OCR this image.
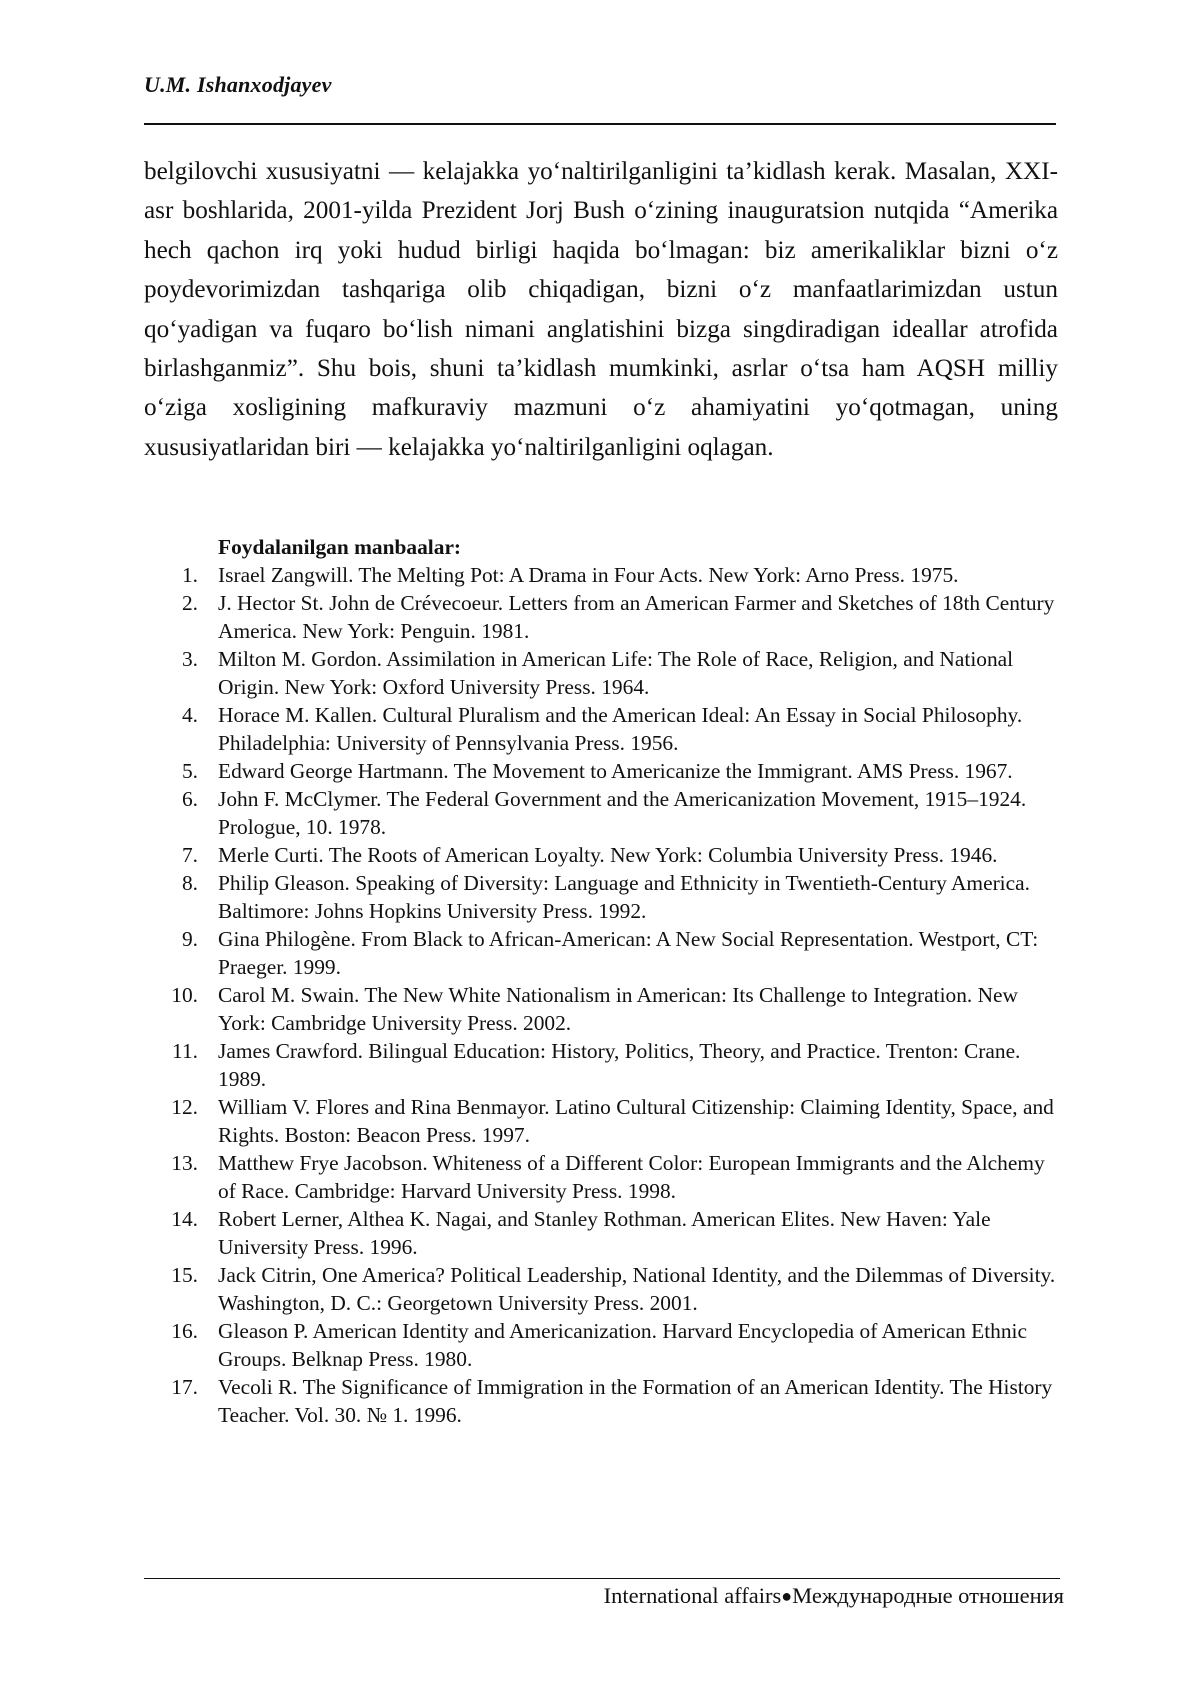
U.M. Ishanxodjayev

belgilovchi xususiyatni — kelajakka yo‘naltirilganligini ta’kidlash kerak. Masalan, XXI-asr boshlarida, 2001-yilda Prezident Jorj Bush o‘zining inauguratsion nutqida “Amerika hech qachon irq yoki hudud birligi haqida bo‘lmagan: biz amerikaliklar bizni o‘z poydevorimizdan tashqariga olib chiqadigan, bizni o‘z manfaatlarimizdan ustun qo‘yadigan va fuqaro bo‘lish nimani anglatishini bizga singdiradigan ideallar atrofida birlashganmiz”. Shu bois, shuni ta’kidlash mumkinki, asrlar o‘tsa ham AQSH milliy o‘ziga xosligining mafkuraviy mazmuni o‘z ahamiyatini yo‘qotmagan, uning xususiyatlaridan biri — kelajakka yo‘naltirilganligini oqlagan.

Foydalanilgan manbaalar:
1. Israel Zangwill. The Melting Pot: A Drama in Four Acts. New York: Arno Press. 1975.
2. J. Hector St. John de Crévecoeur. Letters from an American Farmer and Sketches of 18th Century America. New York: Penguin. 1981.
3. Milton M. Gordon. Assimilation in American Life: The Role of Race, Religion, and National Origin. New York: Oxford University Press. 1964.
4. Horace M. Kallen. Cultural Pluralism and the American Ideal: An Essay in Social Philosophy. Philadelphia: University of Pennsylvania Press. 1956.
5. Edward George Hartmann. The Movement to Americanize the Immigrant. AMS Press. 1967.
6. John F. McClymer. The Federal Government and the Americanization Movement, 1915–1924. Prologue, 10. 1978.
7. Merle Curti. The Roots of American Loyalty. New York: Columbia University Press. 1946.
8. Philip Gleason. Speaking of Diversity: Language and Ethnicity in Twentieth-Century America. Baltimore: Johns Hopkins University Press. 1992.
9. Gina Philogène. From Black to African-American: A New Social Representation. Westport, CT: Praeger. 1999.
10. Carol M. Swain. The New White Nationalism in American: Its Challenge to Integration. New York: Cambridge University Press. 2002.
11. James Crawford. Bilingual Education: History, Politics, Theory, and Practice. Trenton: Crane. 1989.
12. William V. Flores and Rina Benmayor. Latino Cultural Citizenship: Claiming Identity, Space, and Rights. Boston: Beacon Press. 1997.
13. Matthew Frye Jacobson. Whiteness of a Different Color: European Immigrants and the Alchemy of Race. Cambridge: Harvard University Press. 1998.
14. Robert Lerner, Althea K. Nagai, and Stanley Rothman. American Elites. New Haven: Yale University Press. 1996.
15. Jack Citrin, One America? Political Leadership, National Identity, and the Dilemmas of Diversity. Washington, D. C.: Georgetown University Press. 2001.
16. Gleason P. American Identity and Americanization. Harvard Encyclopedia of American Ethnic Groups. Belknap Press. 1980.
17. Vecoli R. The Significance of Immigration in the Formation of an American Identity. The History Teacher. Vol. 30. № 1. 1996.
International affairs●Международные отношения
